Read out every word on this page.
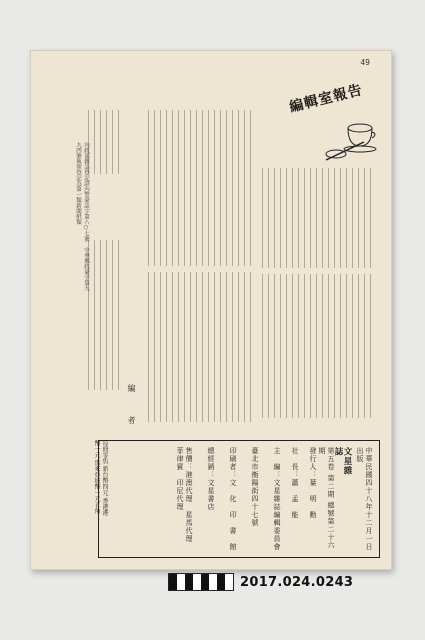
49
編輯室報告
編　者
內政部雜誌登記證內警臺誌字第八○七號　中華郵政臺字第九九四號執照登記為第一類新聞紙類
每冊零售 新台幣四元 香港港幣一元 馬來亞坡幣一元五角	中華民國四十八年十二月一日出版
文星雜誌
第五卷 第二期 總號第二十六期
發行人：葉　明　勳
社　長：蕭　孟　能
主　編：文星雜誌編輯委員會
臺北市衡陽街四十七號
印刷者：文　化　印　書　館
總經銷：文星書店
售價：港澳代理　星馬代理　菲律賓　印尼代理
2017.024.0243
